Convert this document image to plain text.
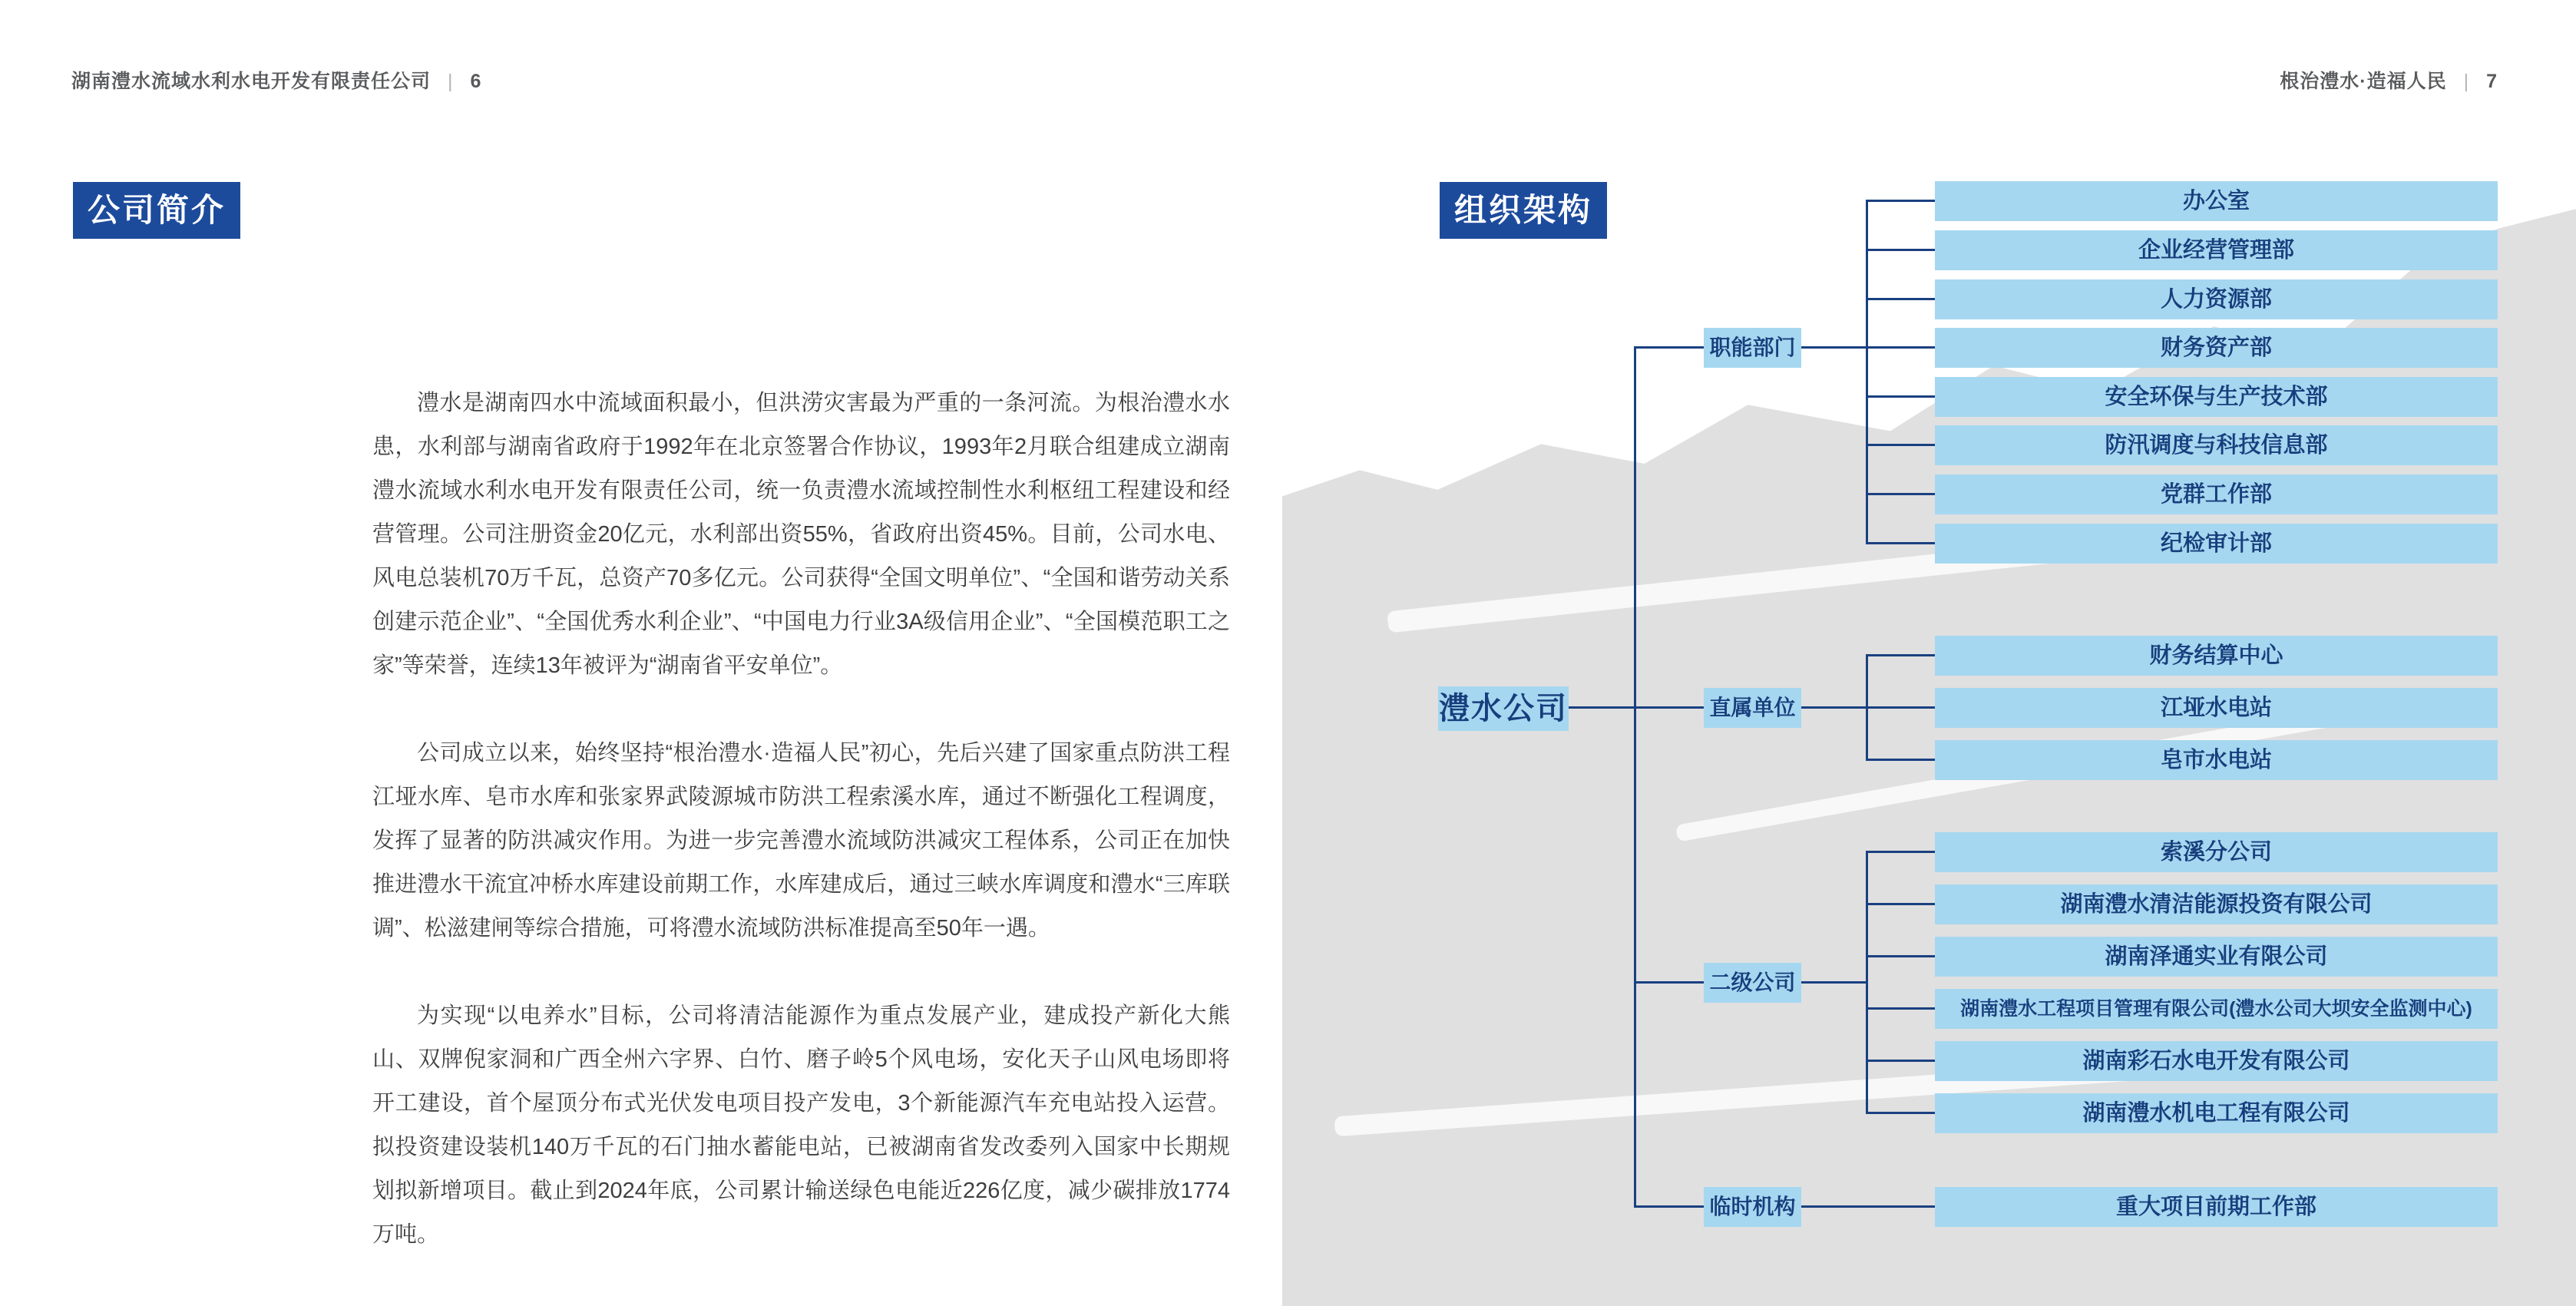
湖南澧水流域水利水电开发有限责任公司 | 6	根治澧水·造福人民 | 7
公司简介	组织架构

澧水是湖南四水中流域面积最小，但洪涝灾害最为严重的一条河流。为根治澧水水患，水利部与湖南省政府于1992年在北京签署合作协议，1993年2月联合组建成立湖南澧水流域水利水电开发有限责任公司，统一负责澧水流域控制性水利枢纽工程建设和经营管理。公司注册资金20亿元，水利部出资55%，省政府出资45%。目前，公司水电、风电总装机70万千瓦，总资产70多亿元。公司获得“全国文明单位”、“全国和谐劳动关系创建示范企业”、“全国优秀水利企业”、“中国电力行业3A级信用企业”、“全国模范职工之家”等荣誉，连续13年被评为“湖南省平安单位”。

公司成立以来，始终坚持“根治澧水·造福人民”初心，先后兴建了国家重点防洪工程江垭水库、皂市水库和张家界武陵源城市防洪工程索溪水库，通过不断强化工程调度，发挥了显著的防洪减灾作用。为进一步完善澧水流域防洪减灾工程体系，公司正在加快推进澧水干流宜冲桥水库建设前期工作，水库建成后，通过三峡水库调度和澧水“三库联调”、松滋建闸等综合措施，可将澧水流域防洪标准提高至50年一遇。

为实现“以电养水”目标，公司将清洁能源作为重点发展产业，建成投产新化大熊山、双牌倪家洞和广西全州六字界、白竹、磨子岭5个风电场，安化天子山风电场即将开工建设，首个屋顶分布式光伏发电项目投产发电，3个新能源汽车充电站投入运营。拟投资建设装机140万千瓦的石门抽水蓄能电站，已被湖南省发改委列入国家中长期规划拟新增项目。截止到2024年底，公司累计输送绿色电能近226亿度，减少碳排放1774万吨。

澧水公司
职能部门
办公室
企业经营管理部
人力资源部
财务资产部
安全环保与生产技术部
防汛调度与科技信息部
党群工作部
纪检审计部
直属单位
财务结算中心
江垭水电站
皂市水电站
二级公司
索溪分公司
湖南澧水清洁能源投资有限公司
湖南泽通实业有限公司
湖南澧水工程项目管理有限公司(澧水公司大坝安全监测中心)
湖南彩石水电开发有限公司
湖南澧水机电工程有限公司
临时机构	重大项目前期工作部
